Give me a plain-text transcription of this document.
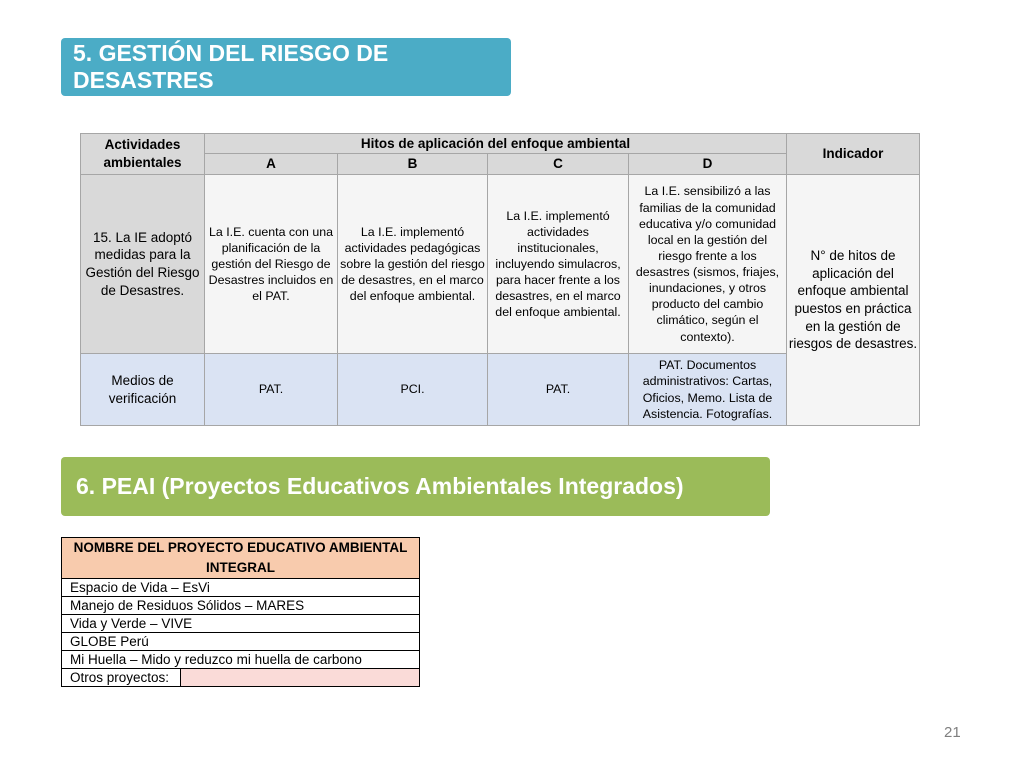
5. GESTIÓN DEL RIESGO DE DESASTRES
Actividades ambientales	Hitos de aplicación del enfoque ambiental				Indicador
	A	B	C	D	
15. La IE adoptó medidas para la Gestión del Riesgo de Desastres.	La I.E. cuenta con una planificación de la gestión del Riesgo de Desastres incluidos en el PAT.	La I.E. implementó actividades pedagógicas sobre la gestión del riesgo de desastres, en el marco del enfoque ambiental.	La I.E. implementó actividades institucionales, incluyendo simulacros, para hacer frente a los desastres, en el marco del enfoque ambiental.	La I.E. sensibilizó a las familias de la comunidad educativa y/o comunidad local en la gestión del riesgo frente a los desastres (sismos, friajes, inundaciones, y otros producto del cambio climático, según el contexto).	N° de hitos de aplicación del enfoque ambiental puestos en práctica en la gestión de riesgos de desastres.
Medios de verificación	PAT.	PCI.	PAT.	PAT. Documentos administrativos: Cartas, Oficios, Memo. Lista de Asistencia. Fotografías.	
6. PEAI (Proyectos Educativos Ambientales Integrados)
NOMBRE DEL PROYECTO EDUCATIVO AMBIENTAL INTEGRAL
Espacio de Vida – EsVi
Manejo de Residuos Sólidos – MARES
Vida y Verde – VIVE
GLOBE Perú
Mi Huella – Mido y reduzco mi huella de carbono
Otros proyectos:	
21
